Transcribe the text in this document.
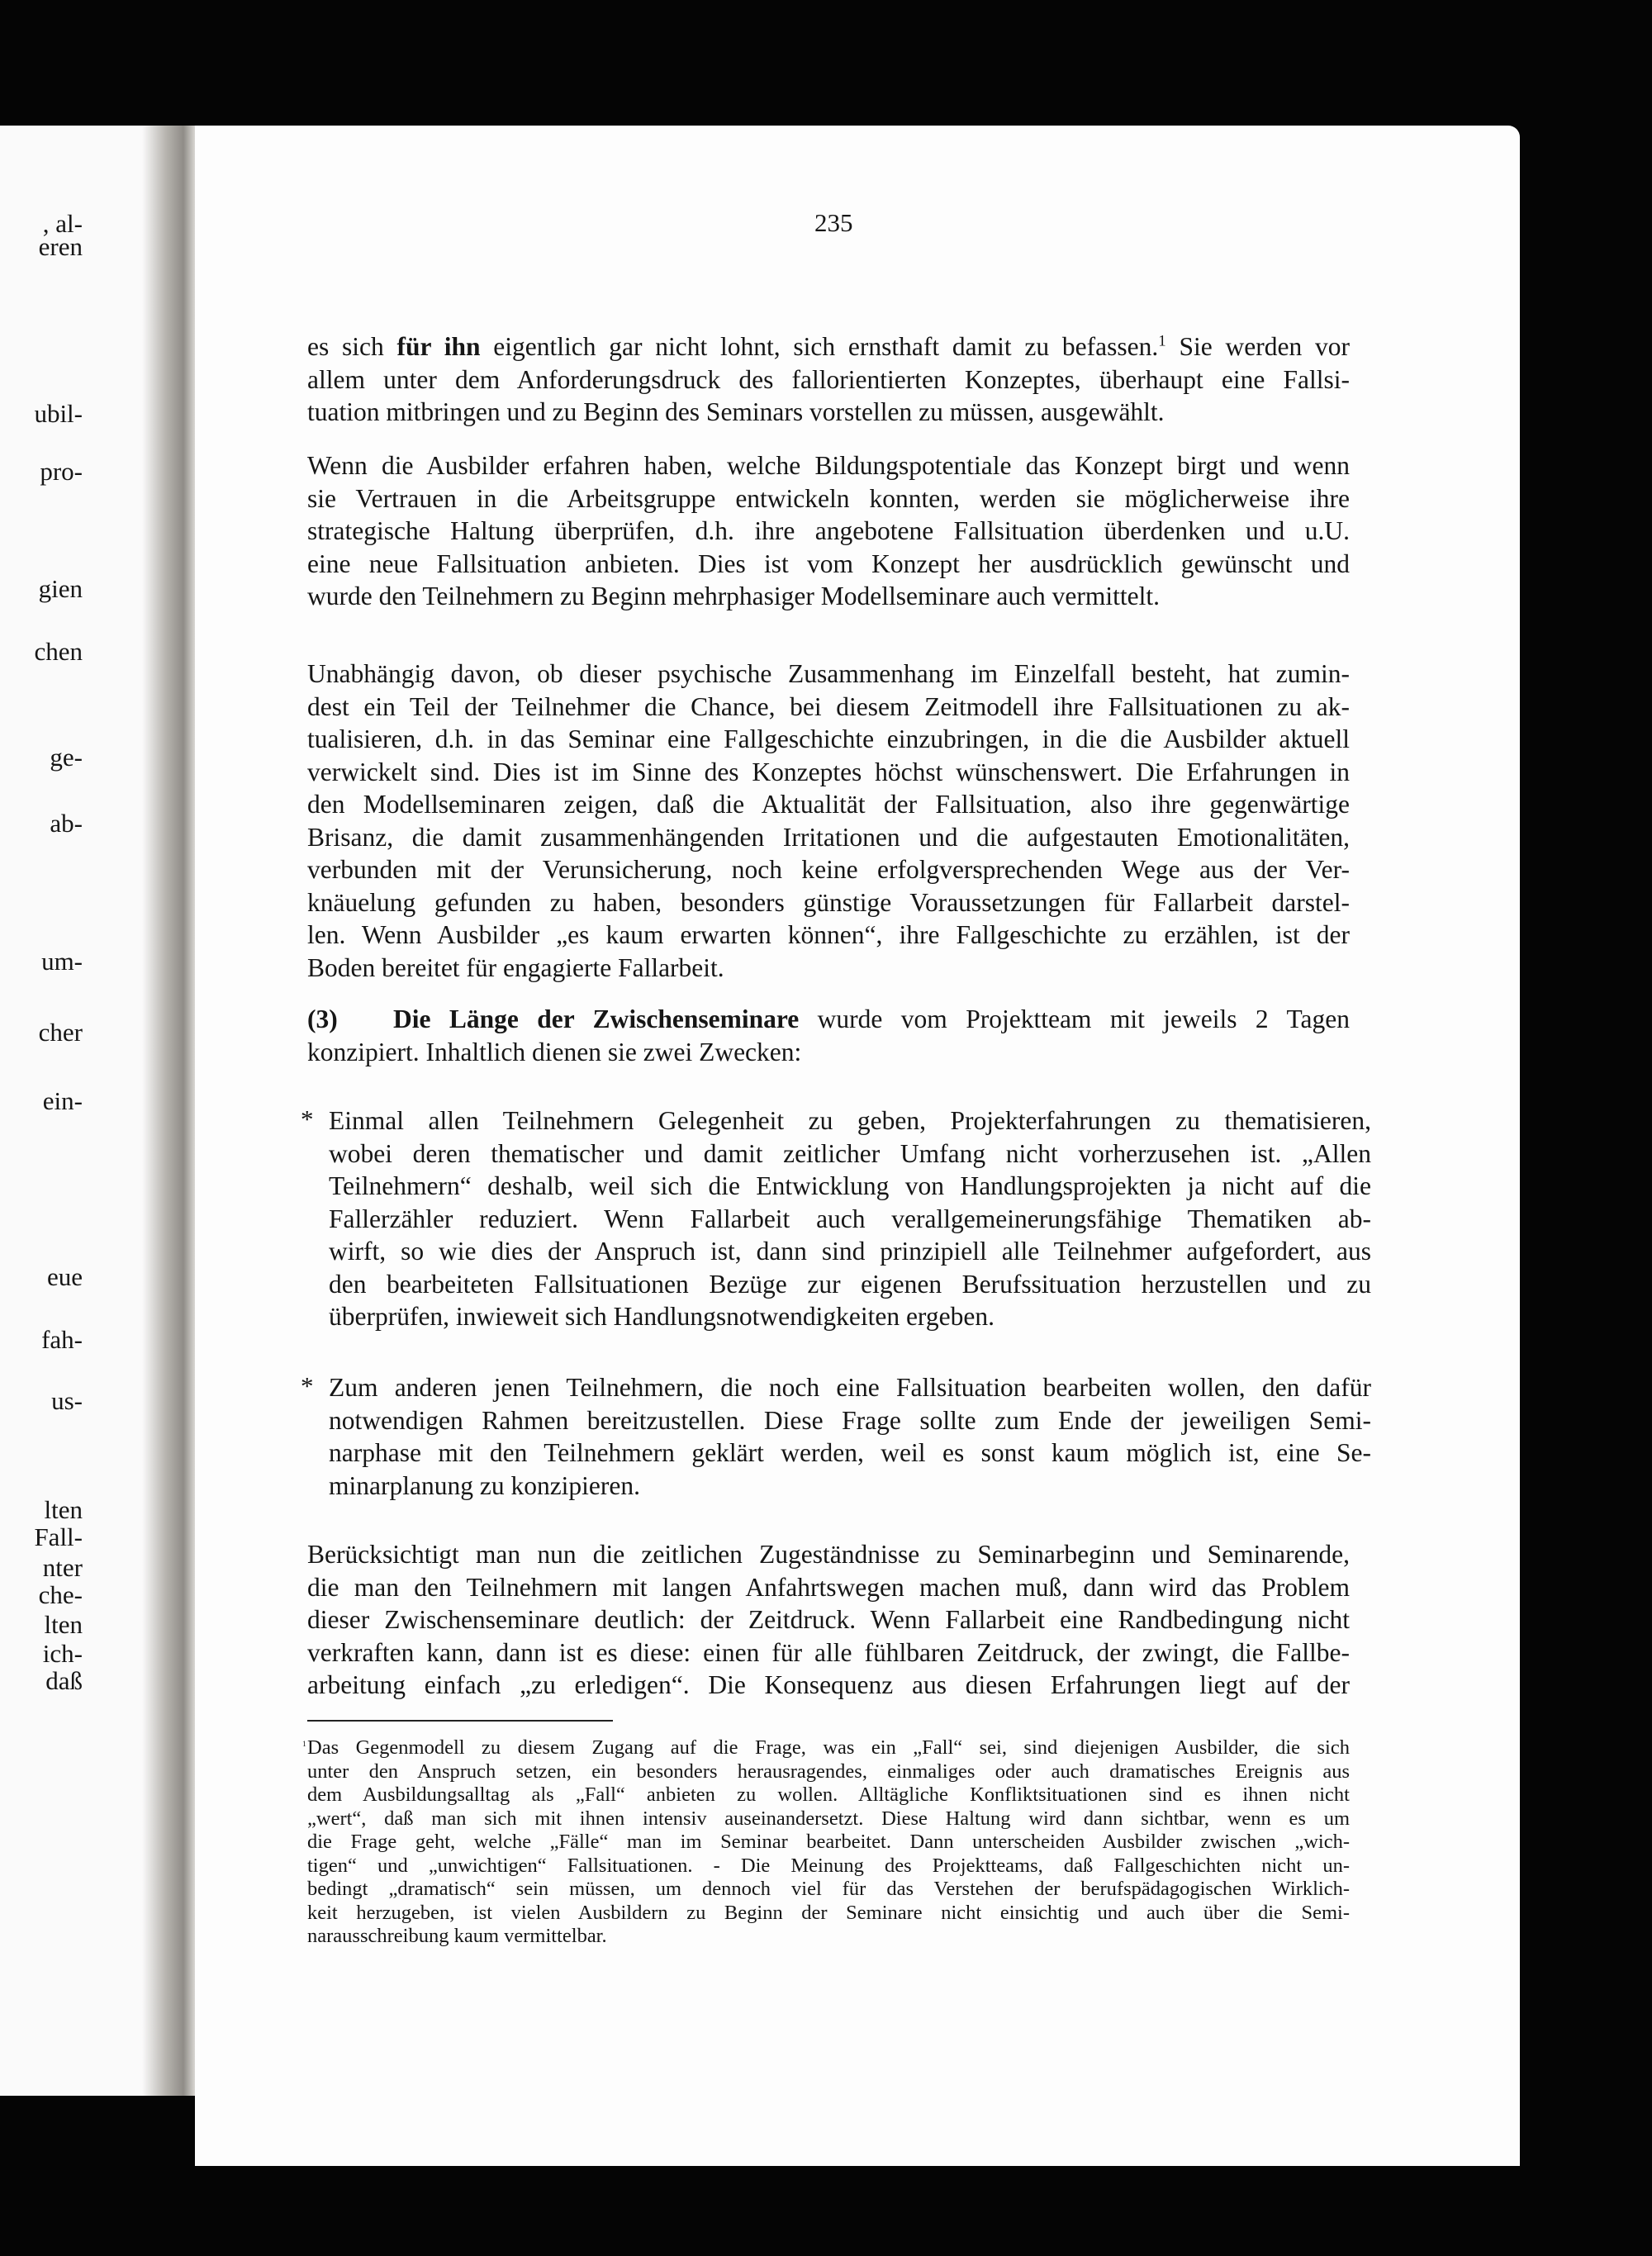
, al-
eren
ubil-
pro-
gien
chen
ge-
ab-
um-
cher
ein-
eue
fah-
us-
lten
Fall-
nter
che-
lten
ich-
daß
235
es sich für ihn eigentlich gar nicht lohnt, sich ernsthaft damit zu befassen.$^1$ Sie werden vor
allem unter dem Anforderungsdruck des fallorientierten Konzeptes, überhaupt eine Fallsi-
tuation mitbringen und zu Beginn des Seminars vorstellen zu müssen, ausgewählt.
Wenn die Ausbilder erfahren haben, welche Bildungspotentiale das Konzept birgt und wenn
sie Vertrauen in die Arbeitsgruppe entwickeln konnten, werden sie möglicherweise ihre
strategische Haltung überprüfen, d.h. ihre angebotene Fallsituation überdenken und u.U.
eine neue Fallsituation anbieten. Dies ist vom Konzept her ausdrücklich gewünscht und
wurde den Teilnehmern zu Beginn mehrphasiger Modellseminare auch vermittelt.
Unabhängig davon, ob dieser psychische Zusammenhang im Einzelfall besteht, hat zumin-
dest ein Teil der Teilnehmer die Chance, bei diesem Zeitmodell ihre Fallsituationen zu ak-
tualisieren, d.h. in das Seminar eine Fallgeschichte einzubringen, in die die Ausbilder aktuell
verwickelt sind. Dies ist im Sinne des Konzeptes höchst wünschenswert. Die Erfahrungen in
den Modellseminaren zeigen, daß die Aktualität der Fallsituation, also ihre gegenwärtige
Brisanz, die damit zusammenhängenden Irritationen und die aufgestauten Emotionalitäten,
verbunden mit der Verunsicherung, noch keine erfolgversprechenden Wege aus der Ver-
knäuelung gefunden zu haben, besonders günstige Voraussetzungen für Fallarbeit darstel-
len. Wenn Ausbilder „es kaum erwarten können“, ihre Fallgeschichte zu erzählen, ist der
Boden bereitet für engagierte Fallarbeit.
(3) Die Länge der Zwischenseminare wurde vom Projektteam mit jeweils 2 Tagen
konzipiert. Inhaltlich dienen sie zwei Zwecken:
* Einmal allen Teilnehmern Gelegenheit zu geben, Projekterfahrungen zu thematisieren,
wobei deren thematischer und damit zeitlicher Umfang nicht vorherzusehen ist. „Allen
Teilnehmern“ deshalb, weil sich die Entwicklung von Handlungsprojekten ja nicht auf die
Fallerzähler reduziert. Wenn Fallarbeit auch verallgemeinerungsfähige Thematiken ab-
wirft, so wie dies der Anspruch ist, dann sind prinzipiell alle Teilnehmer aufgefordert, aus
den bearbeiteten Fallsituationen Bezüge zur eigenen Berufssituation herzustellen und zu
überprüfen, inwieweit sich Handlungsnotwendigkeiten ergeben.
* Zum anderen jenen Teilnehmern, die noch eine Fallsituation bearbeiten wollen, den dafür
notwendigen Rahmen bereitzustellen. Diese Frage sollte zum Ende der jeweiligen Semi-
narphase mit den Teilnehmern geklärt werden, weil es sonst kaum möglich ist, eine Se-
minarplanung zu konzipieren.
Berücksichtigt man nun die zeitlichen Zugeständnisse zu Seminarbeginn und Seminarende,
die man den Teilnehmern mit langen Anfahrtswegen machen muß, dann wird das Problem
dieser Zwischenseminare deutlich: der Zeitdruck. Wenn Fallarbeit eine Randbedingung nicht
verkraften kann, dann ist es diese: einen für alle fühlbaren Zeitdruck, der zwingt, die Fallbe-
arbeitung einfach „zu erledigen“. Die Konsequenz aus diesen Erfahrungen liegt auf der
Das Gegenmodell zu diesem Zugang auf die Frage, was ein „Fall“ sei, sind diejenigen Ausbilder, die sich
unter den Anspruch setzen, ein besonders herausragendes, einmaliges oder auch dramatisches Ereignis aus
dem Ausbildungsalltag als „Fall“ anbieten zu wollen. Alltägliche Konfliktsituationen sind es ihnen nicht
„wert“, daß man sich mit ihnen intensiv auseinandersetzt. Diese Haltung wird dann sichtbar, wenn es um
die Frage geht, welche „Fälle“ man im Seminar bearbeitet. Dann unterscheiden Ausbilder zwischen „wich-
tigen“ und „unwichtigen“ Fallsituationen. - Die Meinung des Projektteams, daß Fallgeschichten nicht un-
bedingt „dramatisch“ sein müssen, um dennoch viel für das Verstehen der berufspädagogischen Wirklich-
keit herzugeben, ist vielen Ausbildern zu Beginn der Seminare nicht einsichtig und auch über die Semi-
narausschreibung kaum vermittelbar.
1
